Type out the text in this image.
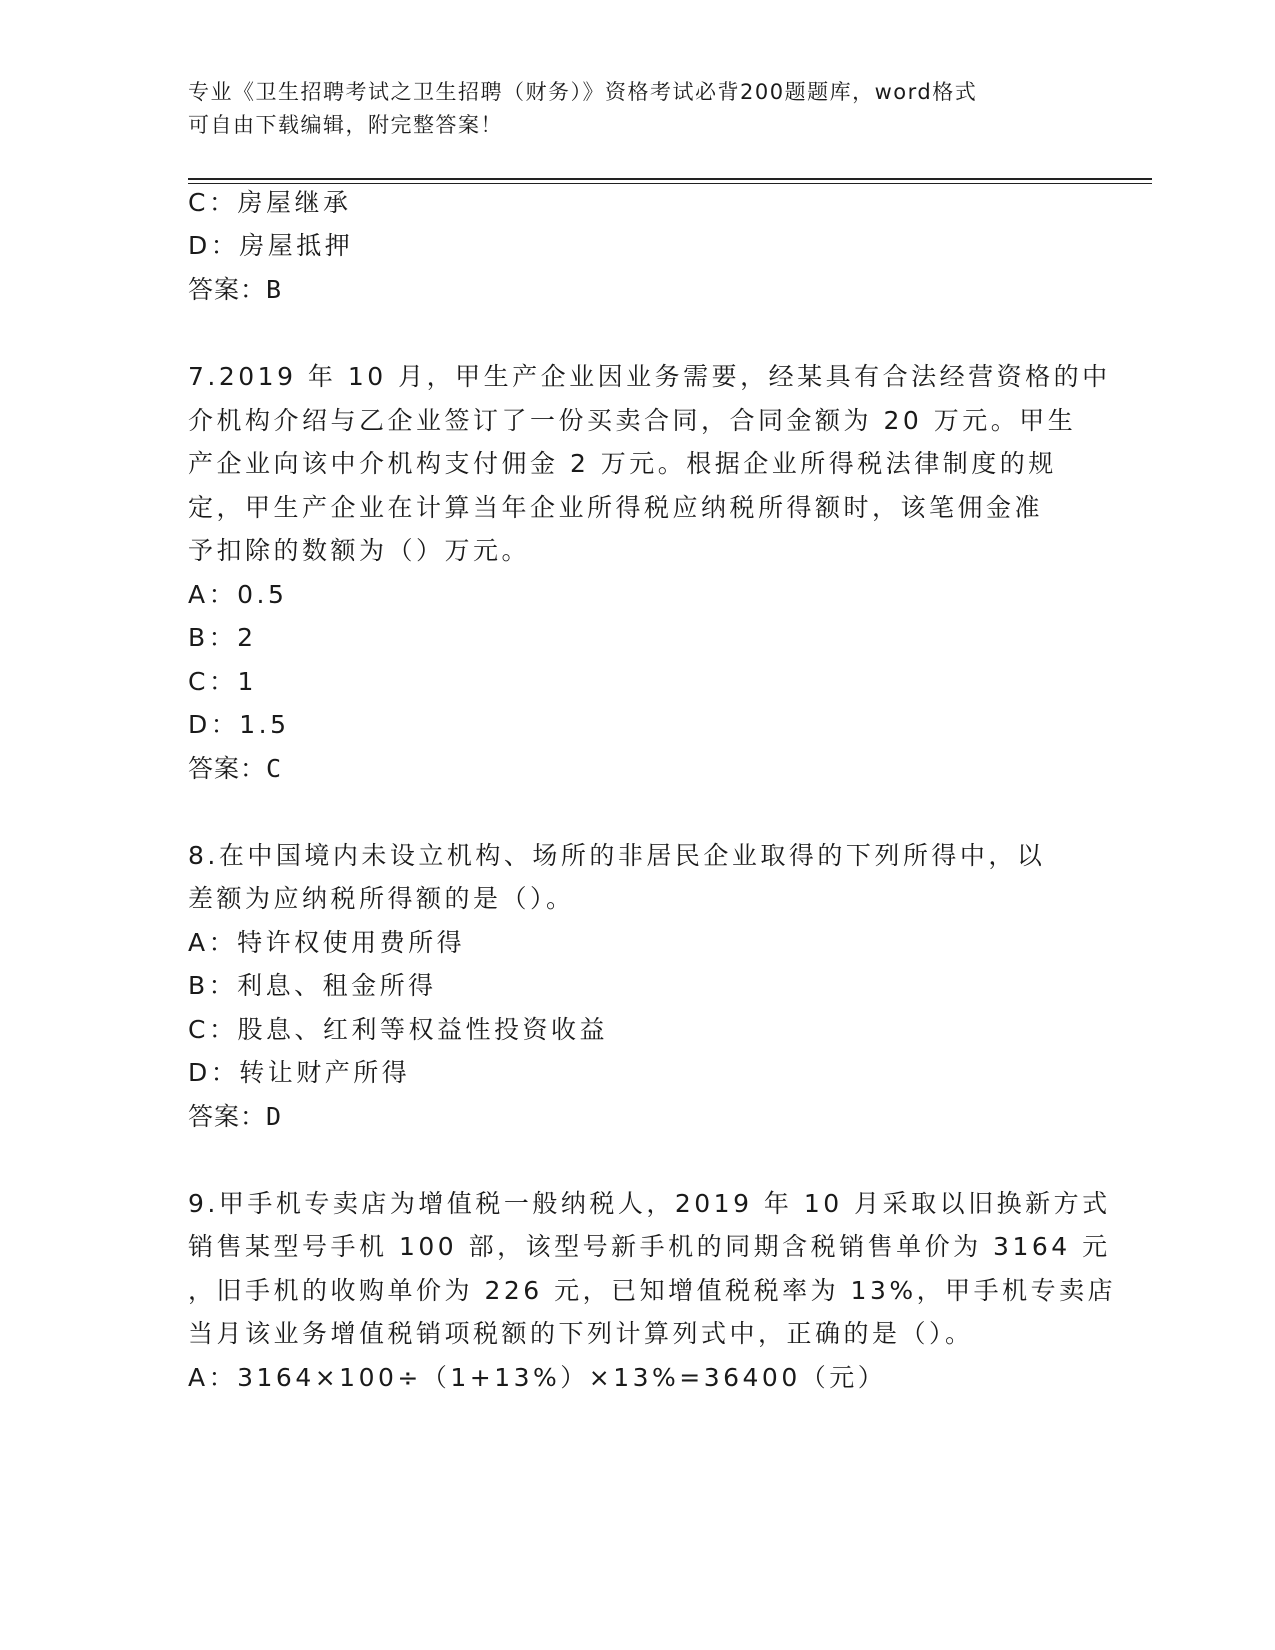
专业《卫生招聘考试之卫生招聘（财务）》资格考试必背200题题库，word格式
可自由下载编辑，附完整答案！
C：房屋继承
D：房屋抵押
答案：B
7.2019 年 10 月，甲生产企业因业务需要，经某具有合法经营资格的中
介机构介绍与乙企业签订了一份买卖合同，合同金额为 20 万元。甲生
产企业向该中介机构支付佣金 2 万元。根据企业所得税法律制度的规
定，甲生产企业在计算当年企业所得税应纳税所得额时，该笔佣金准
予扣除的数额为（）万元。
A：0.5
B：2
C：1
D：1.5
答案：C
8.在中国境内未设立机构、场所的非居民企业取得的下列所得中，以
差额为应纳税所得额的是（）。
A：特许权使用费所得
B：利息、租金所得
C：股息、红利等权益性投资收益
D：转让财产所得
答案：D
9.甲手机专卖店为增值税一般纳税人，2019 年 10 月采取以旧换新方式
销售某型号手机 100 部，该型号新手机的同期含税销售单价为 3164 元
，旧手机的收购单价为 226 元，已知增值税税率为 13%，甲手机专卖店
当月该业务增值税销项税额的下列计算列式中，正确的是（）。
A：3164×100÷（1+13%）×13%=36400（元）
